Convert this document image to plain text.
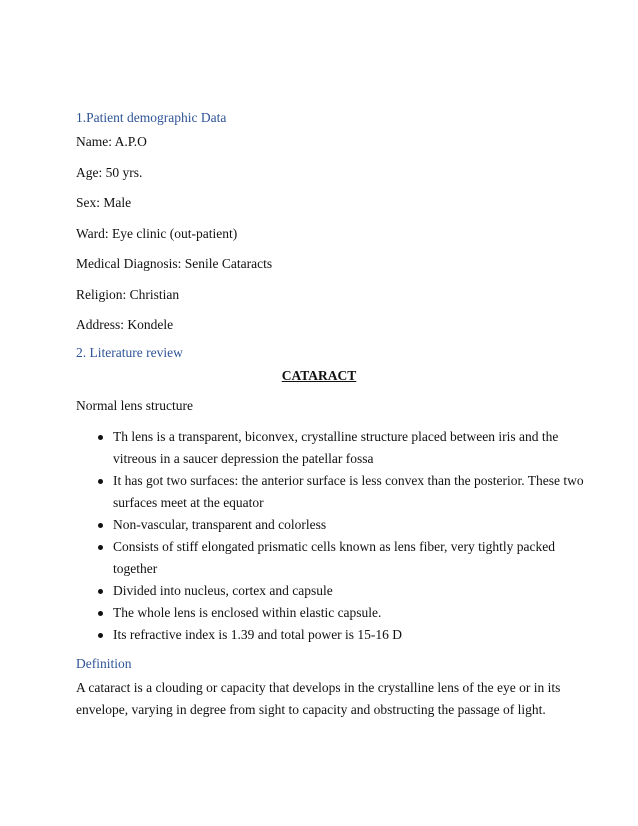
1.Patient demographic Data
Name: A.P.O
Age: 50 yrs.
Sex: Male
Ward: Eye clinic (out-patient)
Medical Diagnosis: Senile Cataracts
Religion: Christian
Address: Kondele
2. Literature review
CATARACT
Normal lens structure
Th lens is a transparent, biconvex, crystalline structure placed between iris and the
vitreous in a saucer depression the patellar fossa
It has got two surfaces: the anterior surface is less convex than the posterior. These two
surfaces meet at the equator
Non-vascular, transparent and colorless
Consists of stiff elongated prismatic cells known as lens fiber, very tightly packed
together
Divided into nucleus, cortex and capsule
The whole lens is enclosed within elastic capsule.
Its refractive index is 1.39 and total power is 15-16 D
Definition
A cataract is a clouding or capacity that develops in the crystalline lens of the eye or in its
envelope, varying in degree from sight to capacity and obstructing the passage of light.
